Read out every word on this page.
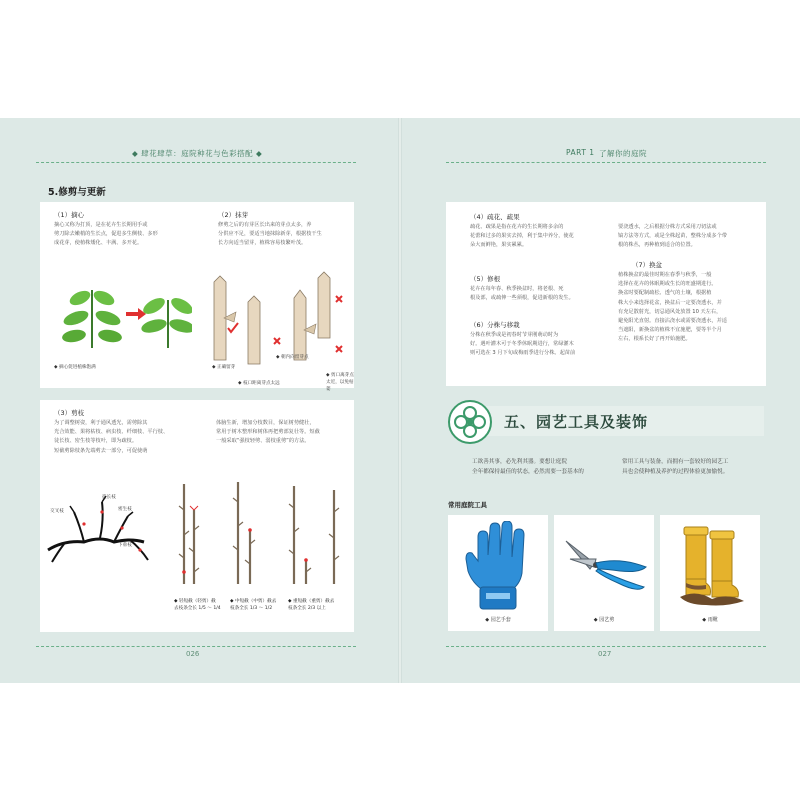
◆ 肆花肆草：庭院种花与色彩搭配 ◆	PART 1 了解你的庭院
5.修剪与更新
（1）摘心
摘心又称为打顶，是在花卉生长期用手或
剪刀除去嫩梢的生长点，促进多生侧枝、多形
成花芽，使植株矮化、丰满、多开花。
◆ 摘心促进植株饱满
（2）抹芽
修剪之后的有芽区长出来的芽点太多，养
分供应不足，要适当地抹除新芽，根据枝干生
长方向适当留芽，植株容易枝繁叶茂。
◆ 正确留芽
◆ 朝内向留芽点
◆ 枝口距离芽点太远
◆ 剪口离芽点
太近，以免枯萎
（3）剪枝
为了调整树姿，利于通风透光，需剪除其
光合效能、果将枯枝、病虫枝、纤细枝、平行枝、
徒长枝、密生枝等枝叶，即为疏枝。
短截剪除枝条先端剪去一部分，可促使萌
体脑生新，增加分枝数目，保证树势健壮，
常用于树木整形和树体再把剪部复壮等。短截
一般采取“强枝轻剪、弱枝重剪”的方法。
徒长枝
交叉枝	密生枝
下垂枝
◆ 轻短截（轻剪）截
去枝条全长 1/5 ～ 1/4
◆ 中短截（中剪）截去
枝条全长 1/3 ～ 1/2
◆ 重短截（重剪）截去
枝条全长 2/3 以上
026
（4）疏花、疏果
疏花、疏果是指在花卉的生长期将多余的
花蕾和过多的果实去掉，利于集中养分，使花
朵大而鲜艳，果实累累。
（5）修根
花卉在每年春、秋季换盆时，将老根、死
根及部，或疏伸一些须根，促进新根的发生。
（6）分株与移栽
分株在秋季或是初春时节芽刚萌动时为
好。遇叶灌木可于冬季休眠期进行，常绿灌木
则可选在 3 月下旬或梅雨季进行分株。起苗前
要浇透水，之后根据分株方式采用刀切法或
镐方法等方式，或是全株起苗，整株分成多个带
根的株丛，再种植到适合的位置。
（7）换盆
植株换盆的最佳时期在春季与秋季，一般
选择在花卉的休眠期或生长的旺盛期进行。
换盆时要配制疏松、透气的土壤，根据植
株大小来选择花盆，换盆后一定要浇透水，并
有充足散射光，切忌通风处放置 10 天左右，
避免阳光直射。直接沾浇水或需要浇透水，并适
当遮阳，新换盆的植株不宜施肥，要等半个月
左右，根系长好了再开始施肥。
五、园艺工具及装饰
工欲善其事，必先利其器。要想让庭院
全年都保持最佳的状态，必然需要一套基本的
常用工具与装备，而拥有一套较好的园艺工
具也会使种植及养护的过程体验更加愉悦。
常用庭院工具
◆ 园艺手套	◆ 园艺剪	◆ 雨靴
027
